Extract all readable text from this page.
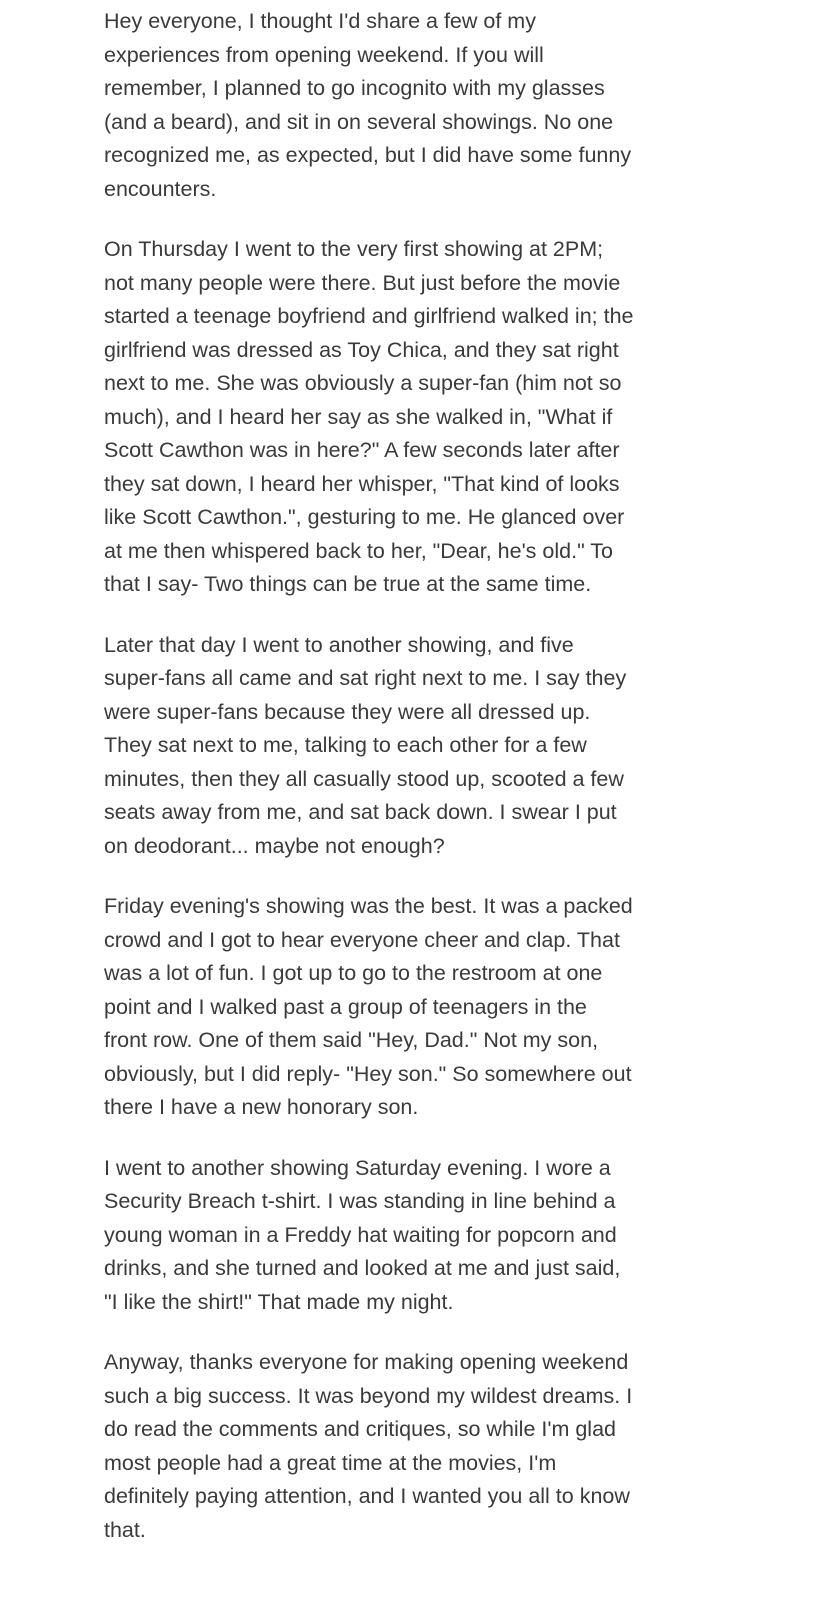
Hey everyone, I thought I'd share a few of my
experiences from opening weekend. If you will
remember, I planned to go incognito with my glasses
(and a beard), and sit in on several showings. No one
recognized me, as expected, but I did have some funny
encounters.

On Thursday I went to the very first showing at 2PM;
not many people were there. But just before the movie
started a teenage boyfriend and girlfriend walked in; the
girlfriend was dressed as Toy Chica, and they sat right
next to me. She was obviously a super-fan (him not so
much), and I heard her say as she walked in, "What if
Scott Cawthon was in here?" A few seconds later after
they sat down, I heard her whisper, "That kind of looks
like Scott Cawthon.", gesturing to me. He glanced over
at me then whispered back to her, "Dear, he's old." To
that I say- Two things can be true at the same time.

Later that day I went to another showing, and five
super-fans all came and sat right next to me. I say they
were super-fans because they were all dressed up.
They sat next to me, talking to each other for a few
minutes, then they all casually stood up, scooted a few
seats away from me, and sat back down. I swear I put
on deodorant... maybe not enough?

Friday evening's showing was the best. It was a packed
crowd and I got to hear everyone cheer and clap. That
was a lot of fun. I got up to go to the restroom at one
point and I walked past a group of teenagers in the
front row. One of them said "Hey, Dad." Not my son,
obviously, but I did reply- "Hey son." So somewhere out
there I have a new honorary son.

I went to another showing Saturday evening. I wore a
Security Breach t-shirt. I was standing in line behind a
young woman in a Freddy hat waiting for popcorn and
drinks, and she turned and looked at me and just said,
"I like the shirt!" That made my night.

Anyway, thanks everyone for making opening weekend
such a big success. It was beyond my wildest dreams. I
do read the comments and critiques, so while I'm glad
most people had a great time at the movies, I'm
definitely paying attention, and I wanted you all to know
that.
